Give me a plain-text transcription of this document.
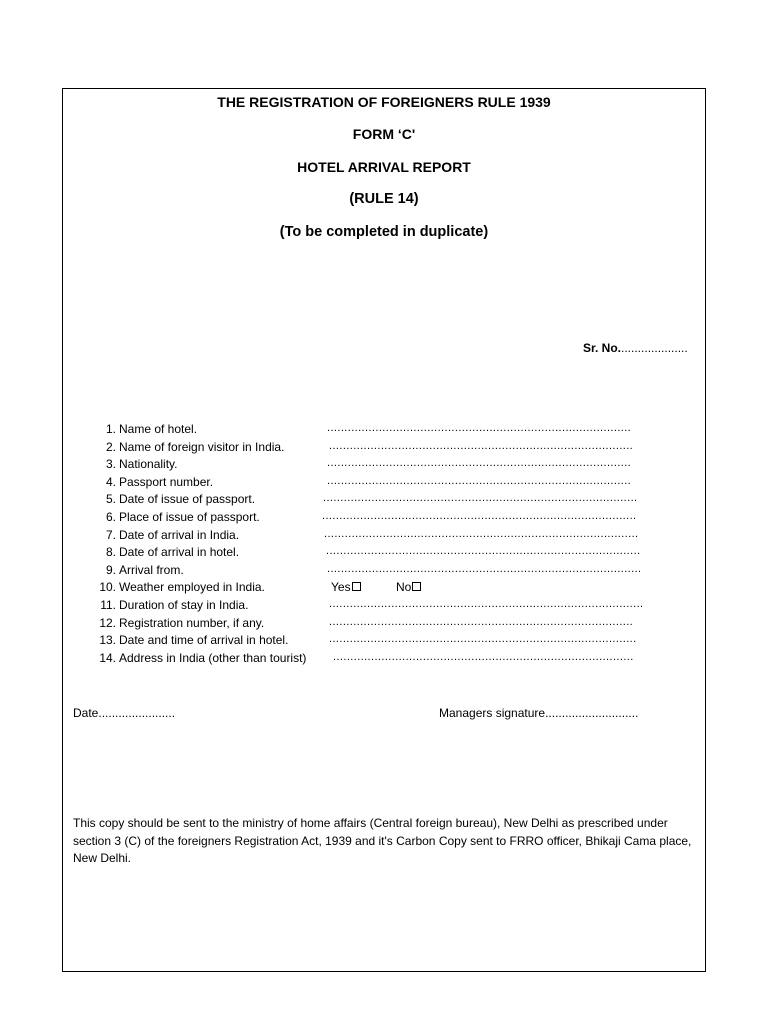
THE REGISTRATION OF FOREIGNERS RULE 1939
FORM ‘C'
HOTEL ARRIVAL REPORT
(RULE 14)
(To be completed in duplicate)
Sr. No.....................
1. Name of hotel.	........................................................................................
2. Name of foreign visitor in India.	........................................................................................
3. Nationality.	........................................................................................
4. Passport number.	........................................................................................
5. Date of issue of passport.	...........................................................................................
6. Place of issue of passport.	...........................................................................................
7. Date of arrival in India.	...........................................................................................
8. Date of arrival in hotel.	...........................................................................................
9. Arrival from.	...........................................................................................
10. Weather employed in India.	Yes	No
11. Duration of stay in India.	...........................................................................................
12. Registration number, if any.	........................................................................................
13. Date and time of arrival in hotel.	.........................................................................................
14. Address in India (other than tourist) .......................................................................................
Date.......................	Managers signature............................
This copy should be sent to the ministry of home affairs (Central foreign bureau), New Delhi as prescribed under section 3 (C) of the foreigners Registration Act, 1939 and it's Carbon Copy sent to FRRO officer, Bhikaji Cama place, New Delhi.
